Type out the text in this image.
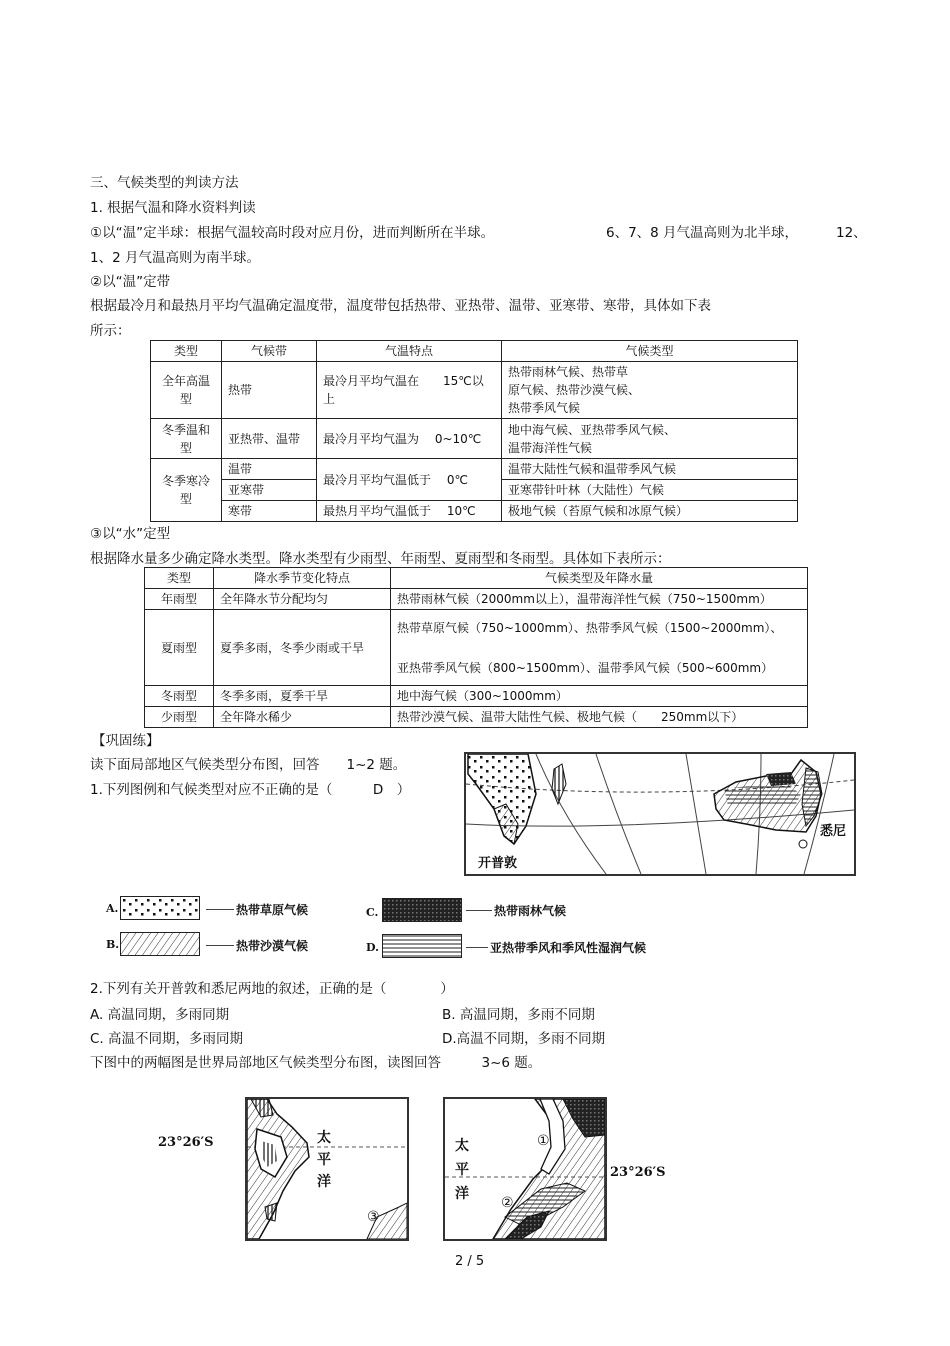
三、气候类型的判读方法
1. 根据气温和降水资料判读
①以“温”定半球：根据气温较高时段对应月份，进而判断所在半球。	6、7、8 月气温高则为北半球，	12、
1、2 月气温高则为南半球。
②以“温”定带
根据最冷月和最热月平均气温确定温度带，温度带包括热带、亚热带、温带、亚寒带、寒带，具体如下表
所示：
类型	气候带	气温特点	气候类型
全年高温型	热带	最冷月平均气温在　　15℃以上	热带雨林气候、热带草
原气候、热带沙漠气候、
热带季风气候

冬季温和型	亚热带、温带	最冷月平均气温为　 0~10℃	地中海气候、亚热带季风气候、
温带海洋性气候

冬季寒冷型	温带	最冷月平均气温低于　 0℃	温带大陆性气候和温带季风气候
	亚寒带		亚寒带针叶林（大陆性）气候
	寒带	最热月平均气温低于　 10℃	极地气候（苔原气候和冰原气候）
③以“水”定型
根据降水量多少确定降水类型。降水类型有少雨型、年雨型、夏雨型和冬雨型。具体如下表所示：
类型	降水季节变化特点	气候类型及年降水量
年雨型	全年降水节分配均匀	热带雨林气候（2000mm以上），温带海洋性气候（750~1500mm）
夏雨型	夏季多雨，冬季少雨或干旱	热带草原气候（750~1000mm）、热带季风气候（1500~2000mm）、
亚热带季风气候（800~1500mm）、温带季风气候（500~600mm）

冬雨型	冬季多雨，夏季干旱	地中海气候（300~1000mm）
少雨型	全年降水稀少	热带沙漠气候、温带大陆性气候、极地气候（　　250mm以下）
【巩固练】
读下面局部地区气候类型分布图，回答　　1~2 题。
1.下列图例和气候类型对应不正确的是（　　　D　）
开普敦
悉尼
A.	热带草原气候
B.	热带沙漠气候
C.	热带雨林气候
D.	亚热带季风和季风性湿润气候
2.下列有关开普敦和悉尼两地的叙述，正确的是（　　　　）
A. 高温同期，多雨同期	B. 高温同期，多雨不同期
C. 高温不同期，多雨同期	D.高温不同期，多雨不同期
下图中的两幅图是世界局部地区气候类型分布图，读图回答　　　3~6 题。
23°26′S	太
平
洋
③
太
平
洋
①
②
23°26′S
2 / 5
